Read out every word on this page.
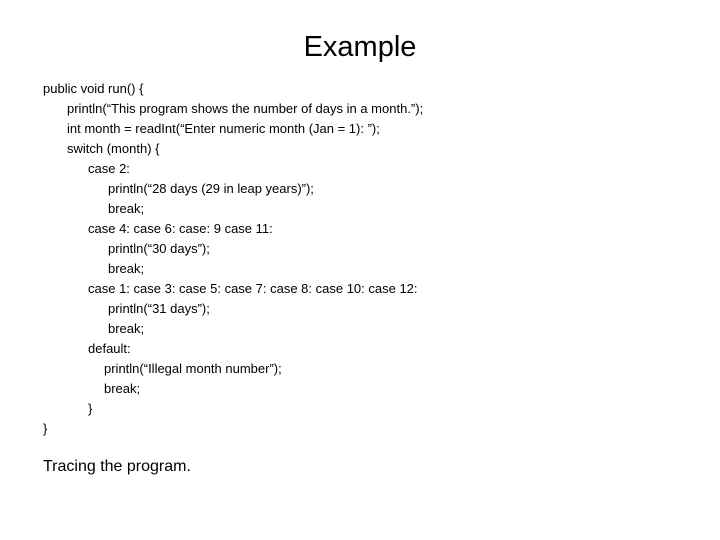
Example
public void run() {
println(“This program shows the number of days in a month.”);
int month = readInt(“Enter numeric month (Jan = 1): ”);
switch (month) {
case 2:
println(“28 days (29 in leap years)”);
break;
case 4: case 6: case: 9 case 11:
println(“30 days”);
break;
case 1: case 3: case 5: case 7: case 8: case 10: case 12:
println(“31 days”);
break;
default:
println(“Illegal month number”);
break;
}
}
Tracing the program.
